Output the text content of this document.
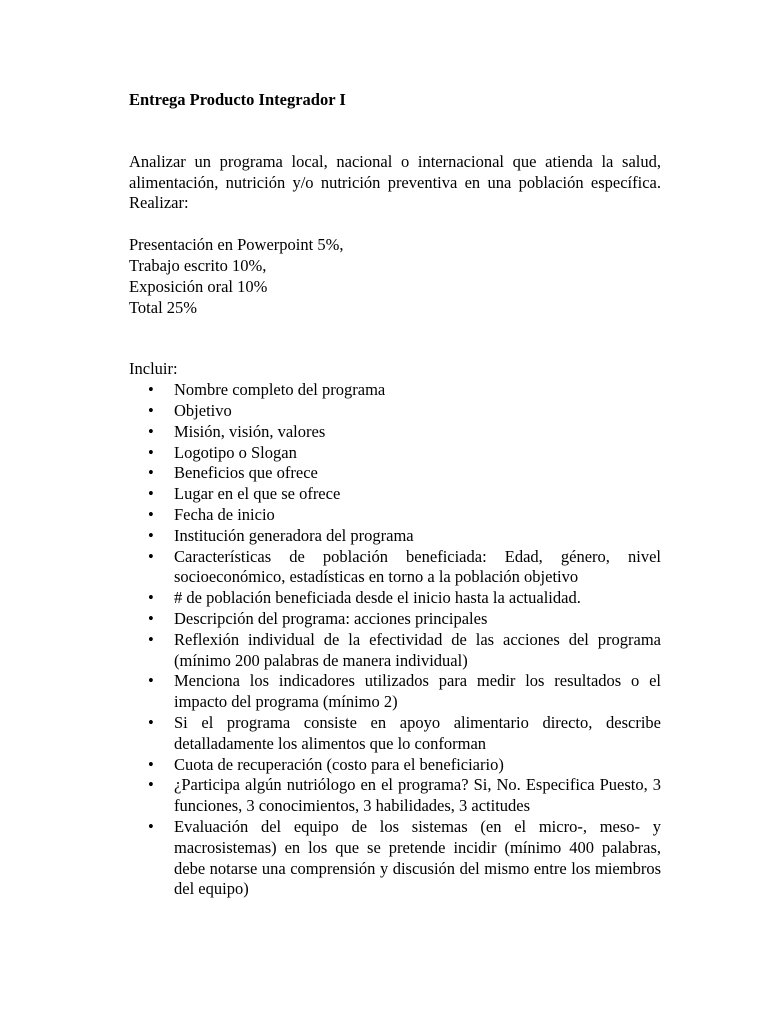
Entrega Producto Integrador I

Analizar un programa local, nacional o internacional que atienda la salud, alimentación, nutrición y/o nutrición preventiva en una población específica. Realizar:

Presentación en Powerpoint 5%,
Trabajo escrito 10%,
Exposición oral 10%
Total 25%

Incluir:

• Nombre completo del programa
• Objetivo
• Misión, visión, valores
• Logotipo o Slogan
• Beneficios que ofrece
• Lugar en el que se ofrece
• Fecha de inicio
• Institución generadora del programa
• Características de población beneficiada: Edad, género, nivel socioeconómico, estadísticas en torno a la población objetivo
• # de población beneficiada desde el inicio hasta la actualidad.
• Descripción del programa: acciones principales
• Reflexión individual de la efectividad de las acciones del programa (mínimo 200 palabras de manera individual)
• Menciona los indicadores utilizados para medir los resultados o el impacto del programa (mínimo 2)
• Si el programa consiste en apoyo alimentario directo, describe detalladamente los alimentos que lo conforman
• Cuota de recuperación (costo para el beneficiario)
• ¿Participa algún nutriólogo en el programa? Si, No. Especifica Puesto, 3 funciones, 3 conocimientos, 3 habilidades, 3 actitudes
• Evaluación del equipo de los sistemas (en el micro-, meso- y macrosistemas) en los que se pretende incidir (mínimo 400 palabras, debe notarse una comprensión y discusión del mismo entre los miembros del equipo)
